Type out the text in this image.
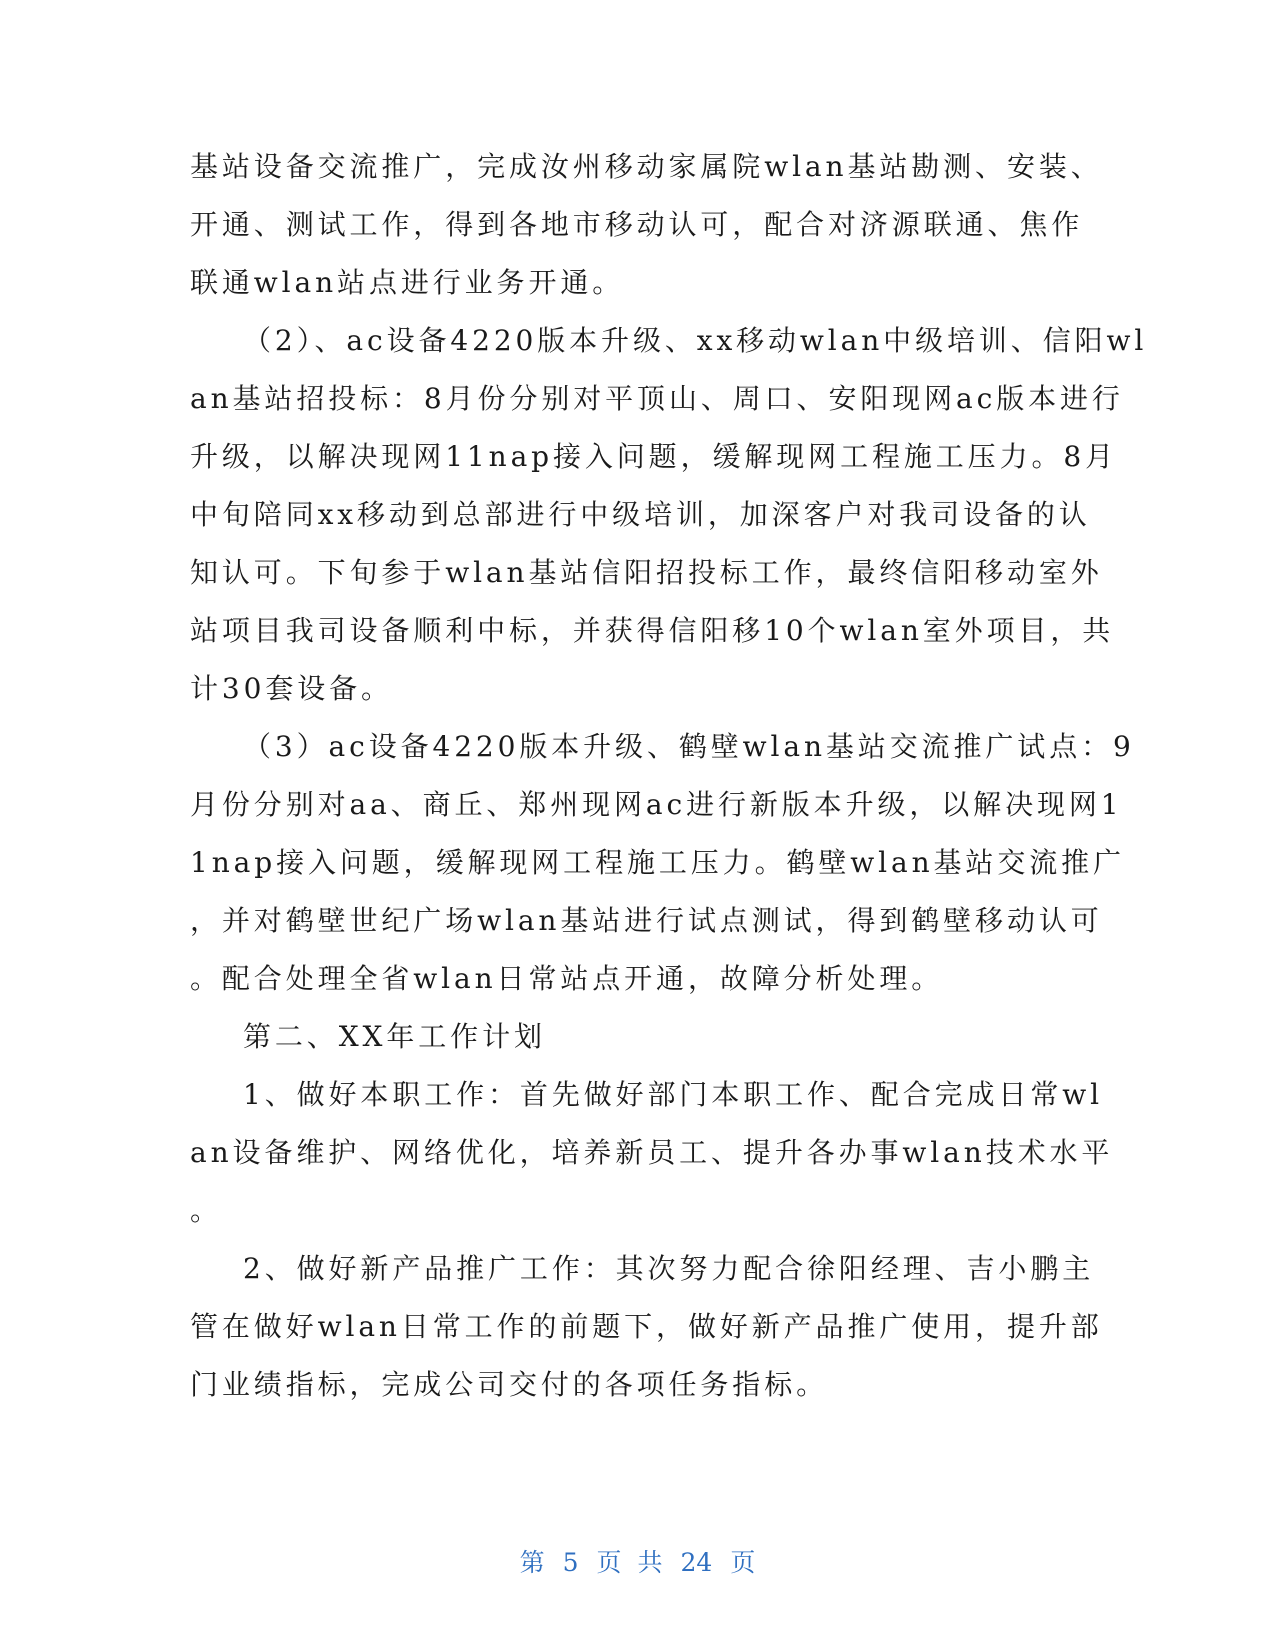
基站设备交流推广，完成汝州移动家属院wlan基站勘测、安装、
开通、测试工作，得到各地市移动认可，配合对济源联通、焦作
联通wlan站点进行业务开通。
（2）、ac设备4220版本升级、xx移动wlan中级培训、信阳wl
an基站招投标：8月份分别对平顶山、周口、安阳现网ac版本进行
升级，以解决现网11nap接入问题，缓解现网工程施工压力。8月
中旬陪同xx移动到总部进行中级培训，加深客户对我司设备的认
知认可。下旬参于wlan基站信阳招投标工作，最终信阳移动室外
站项目我司设备顺利中标，并获得信阳移10个wlan室外项目，共
计30套设备。
（3）ac设备4220版本升级、鹤壁wlan基站交流推广试点：9
月份分别对aa、商丘、郑州现网ac进行新版本升级，以解决现网1
1nap接入问题，缓解现网工程施工压力。鹤壁wlan基站交流推广
，并对鹤壁世纪广场wlan基站进行试点测试，得到鹤壁移动认可
。配合处理全省wlan日常站点开通，故障分析处理。
第二、XX年工作计划
1、做好本职工作：首先做好部门本职工作、配合完成日常wl
an设备维护、网络优化，培养新员工、提升各办事wlan技术水平
。
2、做好新产品推广工作：其次努力配合徐阳经理、吉小鹏主
管在做好wlan日常工作的前题下，做好新产品推广使用，提升部
门业绩指标，完成公司交付的各项任务指标。
第 5 页 共 24 页
